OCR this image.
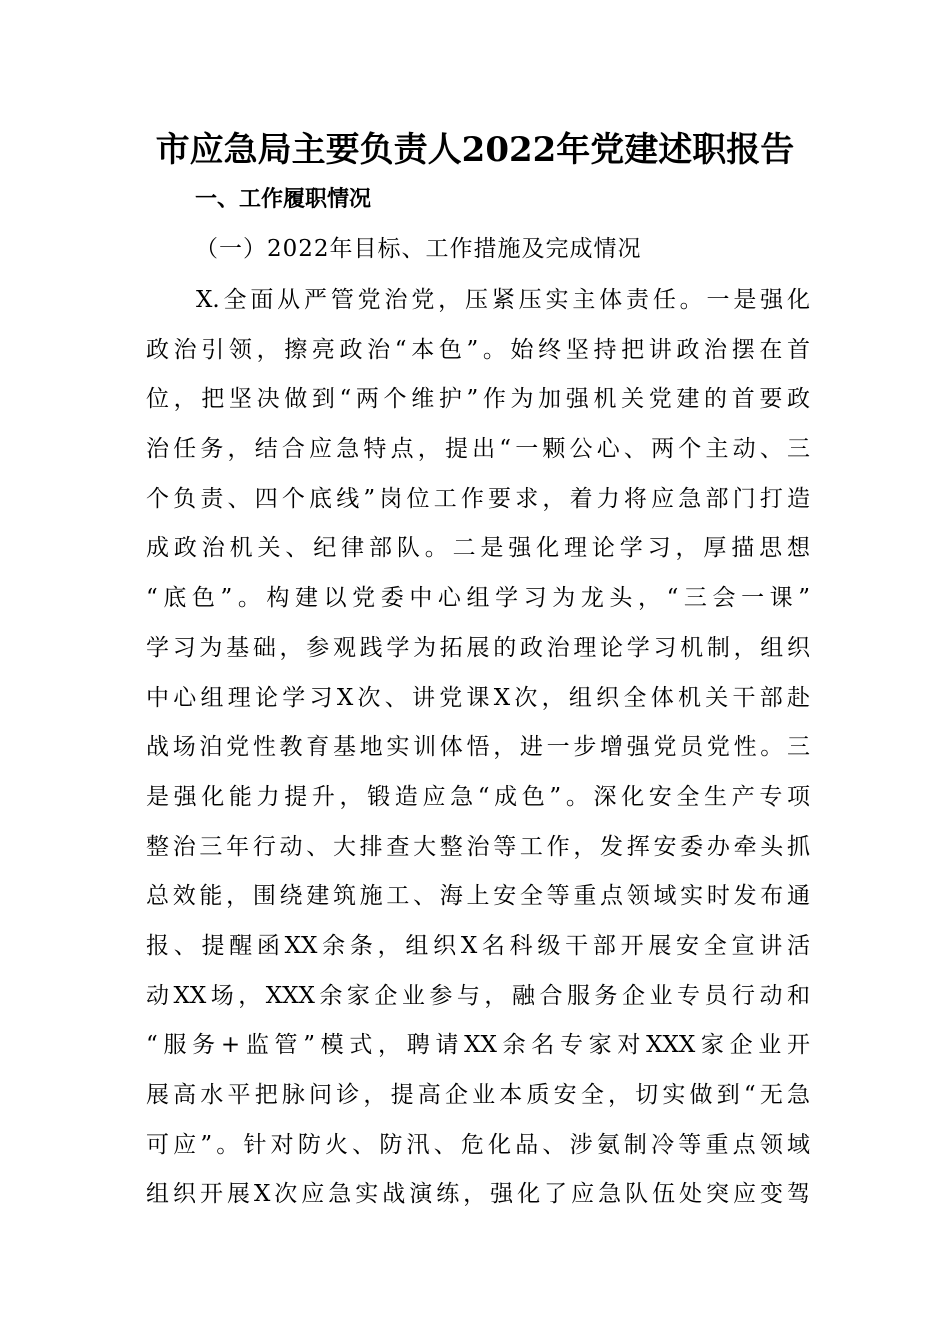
市应急局主要负责人2022年党建述职报告
一、工作履职情况
（一）2022年目标、工作措施及完成情况
X.全面从严管党治党，压紧压实主体责任。一是强化
政治引领，擦亮政治“本色”。始终坚持把讲政治摆在首
位，把坚决做到“两个维护”作为加强机关党建的首要政
治任务，结合应急特点，提出“一颗公心、两个主动、三
个负责、四个底线”岗位工作要求，着力将应急部门打造
成政治机关、纪律部队。二是强化理论学习，厚描思想
“底色”。构建以党委中心组学习为龙头，“三会一课”
学习为基础，参观践学为拓展的政治理论学习机制，组织
中心组理论学习X次、讲党课X次，组织全体机关干部赴
战场泊党性教育基地实训体悟，进一步增强党员党性。三
是强化能力提升，锻造应急“成色”。深化安全生产专项
整治三年行动、大排查大整治等工作，发挥安委办牵头抓
总效能，围绕建筑施工、海上安全等重点领域实时发布通
报、提醒函XX余条，组织X名科级干部开展安全宣讲活
动XX场，XXX余家企业参与，融合服务企业专员行动和
“服务+监管”模式，聘请XX余名专家对XXX家企业开
展高水平把脉问诊，提高企业本质安全，切实做到“无急
可应”。针对防火、防汛、危化品、涉氨制冷等重点领域
组织开展X次应急实战演练，强化了应急队伍处突应变驾
